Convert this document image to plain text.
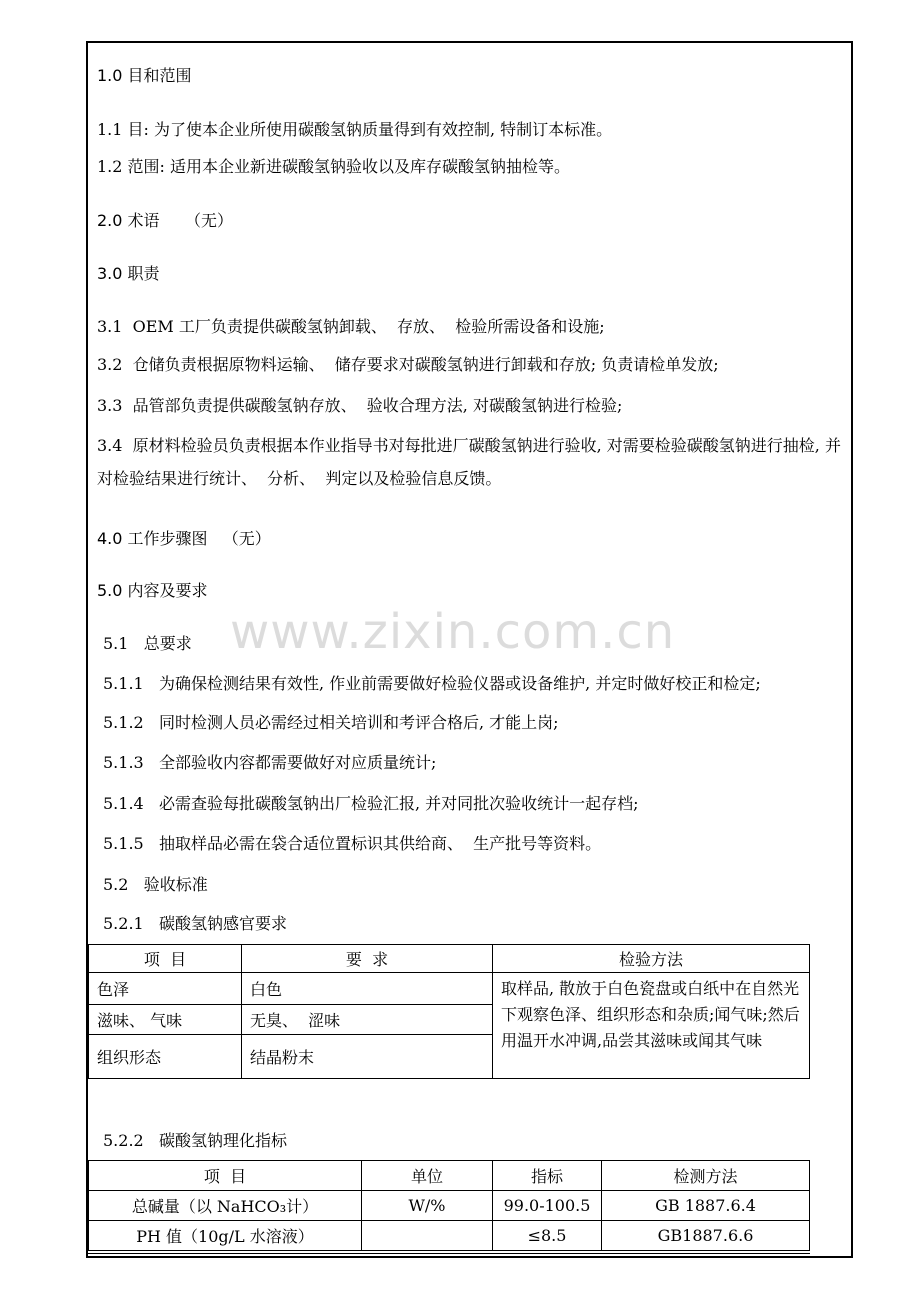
1.0 目和范围
1.1 目: 为了使本企业所使用碳酸氢钠质量得到有效控制, 特制订本标准。
1.2 范围: 适用本企业新进碳酸氢钠验收以及库存碳酸氢钠抽检等。
2.0 术语     （无）
3.0 职责
3.1  OEM 工厂负责提供碳酸氢钠卸载、  存放、  检验所需设备和设施;
3.2  仓储负责根据原物料运输、  储存要求对碳酸氢钠进行卸载和存放; 负责请检单发放;
3.3  品管部负责提供碳酸氢钠存放、  验收合理方法, 对碳酸氢钠进行检验;
3.4  原材料检验员负责根据本作业指导书对每批进厂碳酸氢钠进行验收, 对需要检验碳酸氢钠进行抽检, 并对检验结果进行统计、  分析、  判定以及检验信息反馈。
4.0 工作步骤图   （无）
5.0 内容及要求
www.zixin.com.cn
5.1   总要求
5.1.1   为确保检测结果有效性, 作业前需要做好检验仪器或设备维护, 并定时做好校正和检定;
5.1.2   同时检测人员必需经过相关培训和考评合格后, 才能上岗;
5.1.3   全部验收内容都需要做好对应质量统计;
5.1.4   必需查验每批碳酸氢钠出厂检验汇报, 并对同批次验收统计一起存档;
5.1.5   抽取样品必需在袋合适位置标识其供给商、  生产批号等资料。
5.2   验收标准
5.2.1   碳酸氢钠感官要求
项  目	要  求	检验方法
色泽	白色	取样品, 散放于白色瓷盘或白纸中在自然光下观察色泽、组织形态和杂质;闻气味;然后用温开水冲调,品尝其滋味或闻其气味
滋味、 气味	无臭、  涩味	
组织形态	结晶粉末	
5.2.2   碳酸氢钠理化指标
项  目	单位	指标	检测方法
总碱量（以 NaHCO₃计）	W/%	99.0-100.5	GB 1887.6.4
PH 值（10g/L 水溶液）		≤8.5	GB1887.6.6
